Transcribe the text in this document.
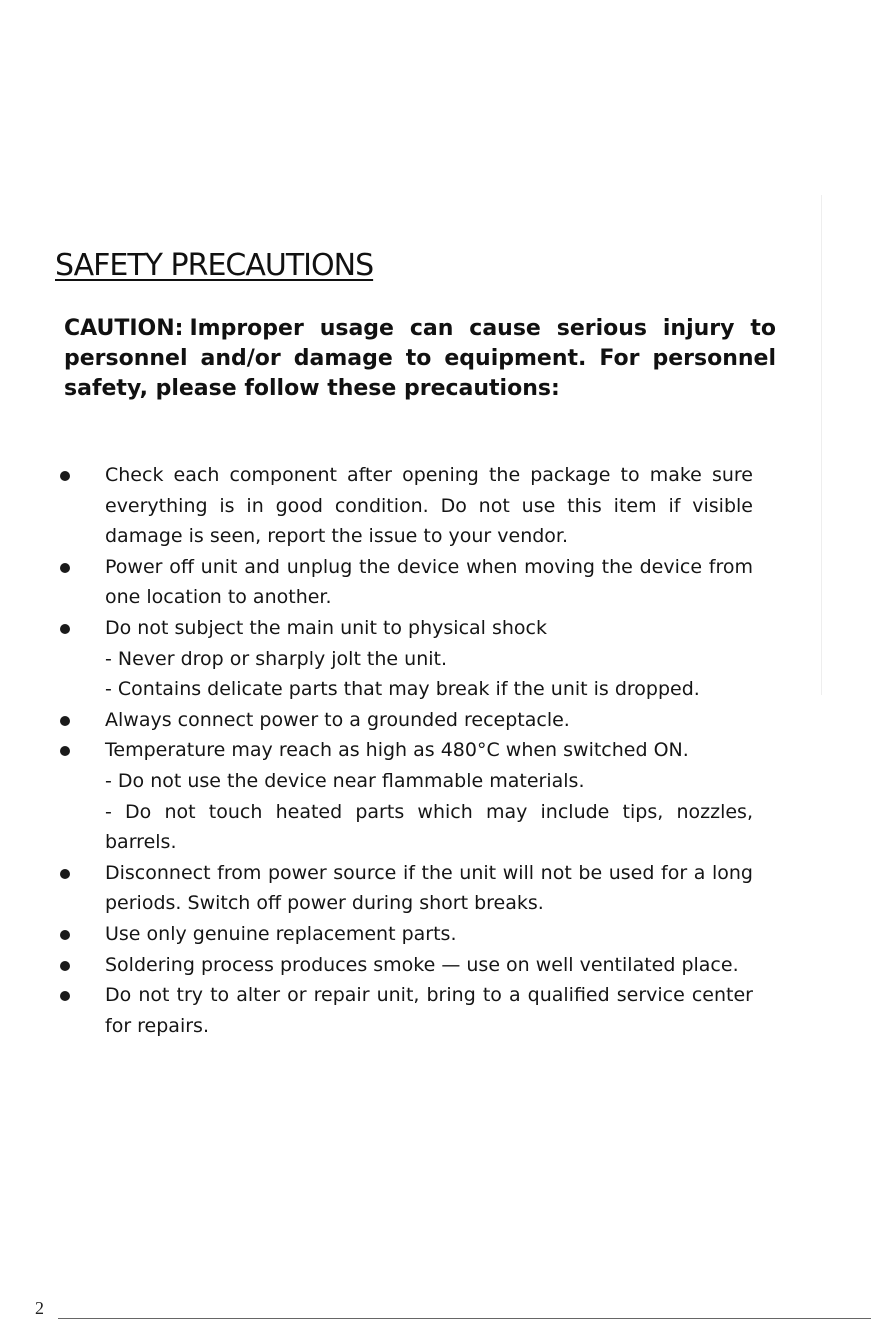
SAFETY PRECAUTIONS

CAUTION: Improper usage can cause serious injury to personnel and/or damage to equipment. For personnel safety, please follow these precautions:

Check each component after opening the package to make sure everything is in good condition. Do not use this item if visible damage is seen, report the issue to your vendor.
Power off unit and unplug the device when moving the device from one location to another.
Do not subject the main unit to physical shock
- Never drop or sharply jolt the unit.
- Contains delicate parts that may break if the unit is dropped.
Always connect power to a grounded receptacle.
Temperature may reach as high as 480°C when switched ON.
- Do not use the device near flammable materials.
- Do not touch heated parts which may include tips, nozzles, barrels.
Disconnect from power source if the unit will not be used for a long periods. Switch off power during short breaks.
Use only genuine replacement parts.
Soldering process produces smoke — use on well ventilated place.
Do not try to alter or repair unit, bring to a qualified service center for repairs.
2
